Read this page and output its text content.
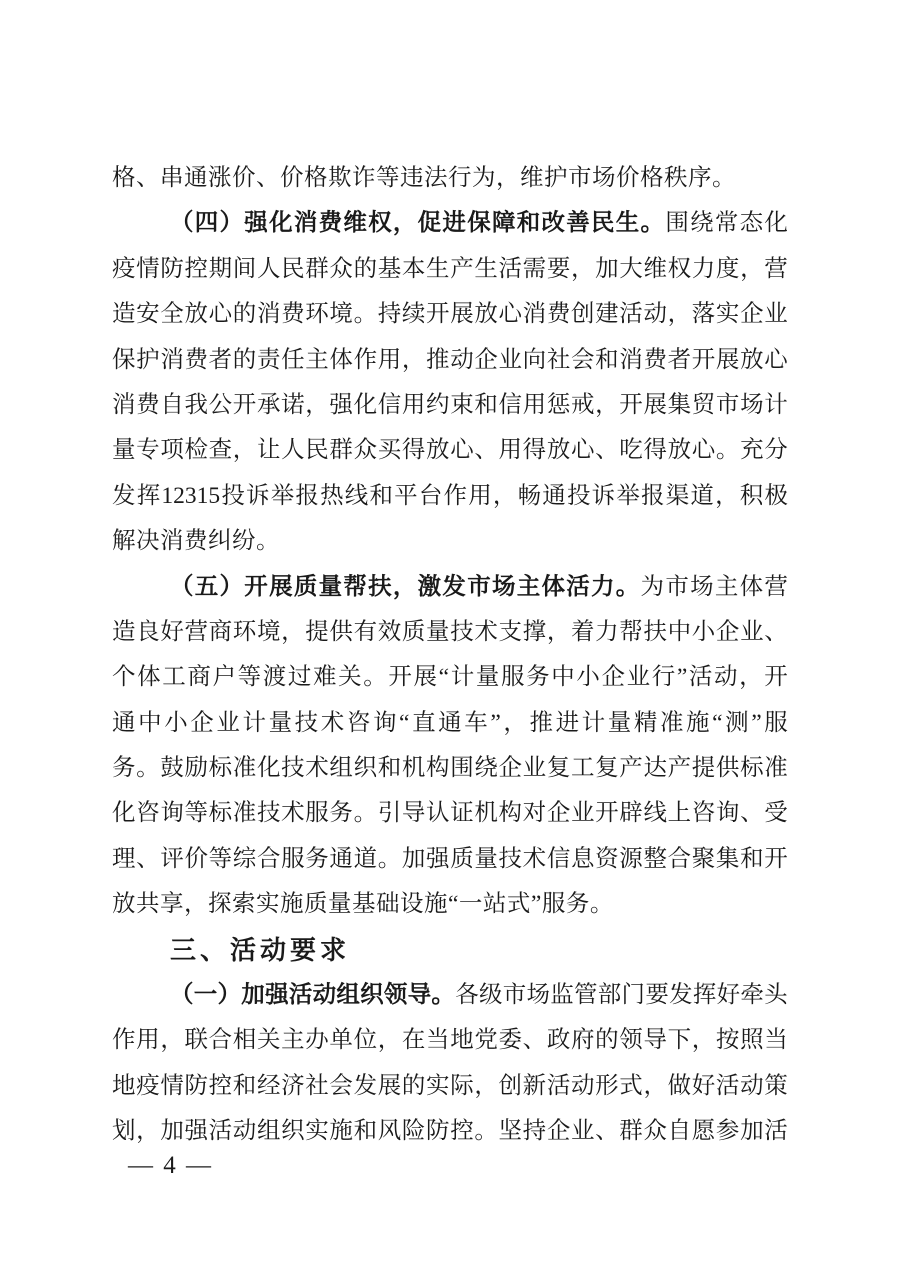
格、串通涨价、价格欺诈等违法行为，维护市场价格秩序。
（ 四 ） 强 化 消 费 维 权 ， 促 进 保 障 和 改 善 民 生 。 围 绕 常 态 化
疫 情 防 控 期 间 人 民 群 众 的 基 本 生 产 生 活 需 要 ， 加 大 维 权 力 度 ， 营
造 安 全 放 心 的 消 费 环 境 。 持 续 开 展 放 心 消 费 创 建 活 动 ， 落 实 企 业
保 护 消 费 者 的 责 任 主 体 作 用 ， 推 动 企 业 向 社 会 和 消 费 者 开 展 放 心
消 费 自 我 公 开 承 诺 ， 强 化 信 用 约 束 和 信 用 惩 戒 ， 开 展 集 贸 市 场 计
量 专 项 检 查 ， 让 人 民 群 众 买 得 放 心 、 用 得 放 心 、 吃 得 放 心 。 充 分
发 挥 12315 投 诉 举 报 热 线 和 平 台 作 用 ， 畅 通 投 诉 举 报 渠 道 ， 积 极
解决消费纠纷。
（ 五 ） 开 展 质 量 帮 扶 ， 激 发 市 场 主 体 活 力 。 为 市 场 主 体 营
造 良 好 营 商 环 境 ， 提 供 有 效 质 量 技 术 支 撑 ， 着 力 帮 扶 中 小 企 业 、
个 体 工 商 户 等 渡 过 难 关 。 开 展 “ 计 量 服 务 中 小 企 业 行 ” 活 动 ， 开
通 中 小 企 业 计 量 技 术 咨 询 “ 直 通 车 ” ， 推 进 计 量 精 准 施 “ 测 ” 服
务 。 鼓 励 标 准 化 技 术 组 织 和 机 构 围 绕 企 业 复 工 复 产 达 产 提 供 标 准
化 咨 询 等 标 准 技 术 服 务 。 引 导 认 证 机 构 对 企 业 开 辟 线 上 咨 询 、 受
理 、 评 价 等 综 合 服 务 通 道 。 加 强 质 量 技 术 信 息 资 源 整 合 聚 集 和 开
放共享，探索实施质量基础设施“一站式”服务。
三、活动要求
（ 一 ） 加 强 活 动 组 织 领 导 。 各 级 市 场 监 管 部 门 要 发 挥 好 牵 头
作 用 ， 联 合 相 关 主 办 单 位 ， 在 当 地 党 委 、 政 府 的 领 导 下 ， 按 照 当
地 疫 情 防 控 和 经 济 社 会 发 展 的 实 际 ， 创 新 活 动 形 式 ， 做 好 活 动 策
划 ， 加 强 活 动 组 织 实 施 和 风 险 防 控 。 坚 持 企 业 、 群 众 自 愿 参 加 活
— 4 —
